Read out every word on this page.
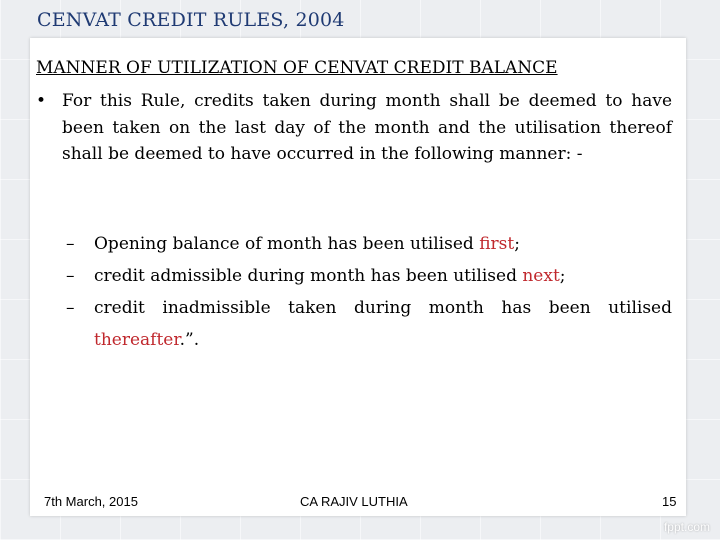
CENVAT CREDIT RULES, 2004
MANNER OF UTILIZATION OF CENVAT CREDIT BALANCE
• For this Rule, credits taken during month shall be deemed to have been taken on the last day of the month and the utilisation thereof shall be deemed to have occurred in the following manner: -
– Opening balance of month has been utilised first;
– credit admissible during month has been utilised next;
– credit inadmissible taken during month has been utilised thereafter.”.
7th March, 2015	CA RAJIV LUTHIA	15
fppt.com
